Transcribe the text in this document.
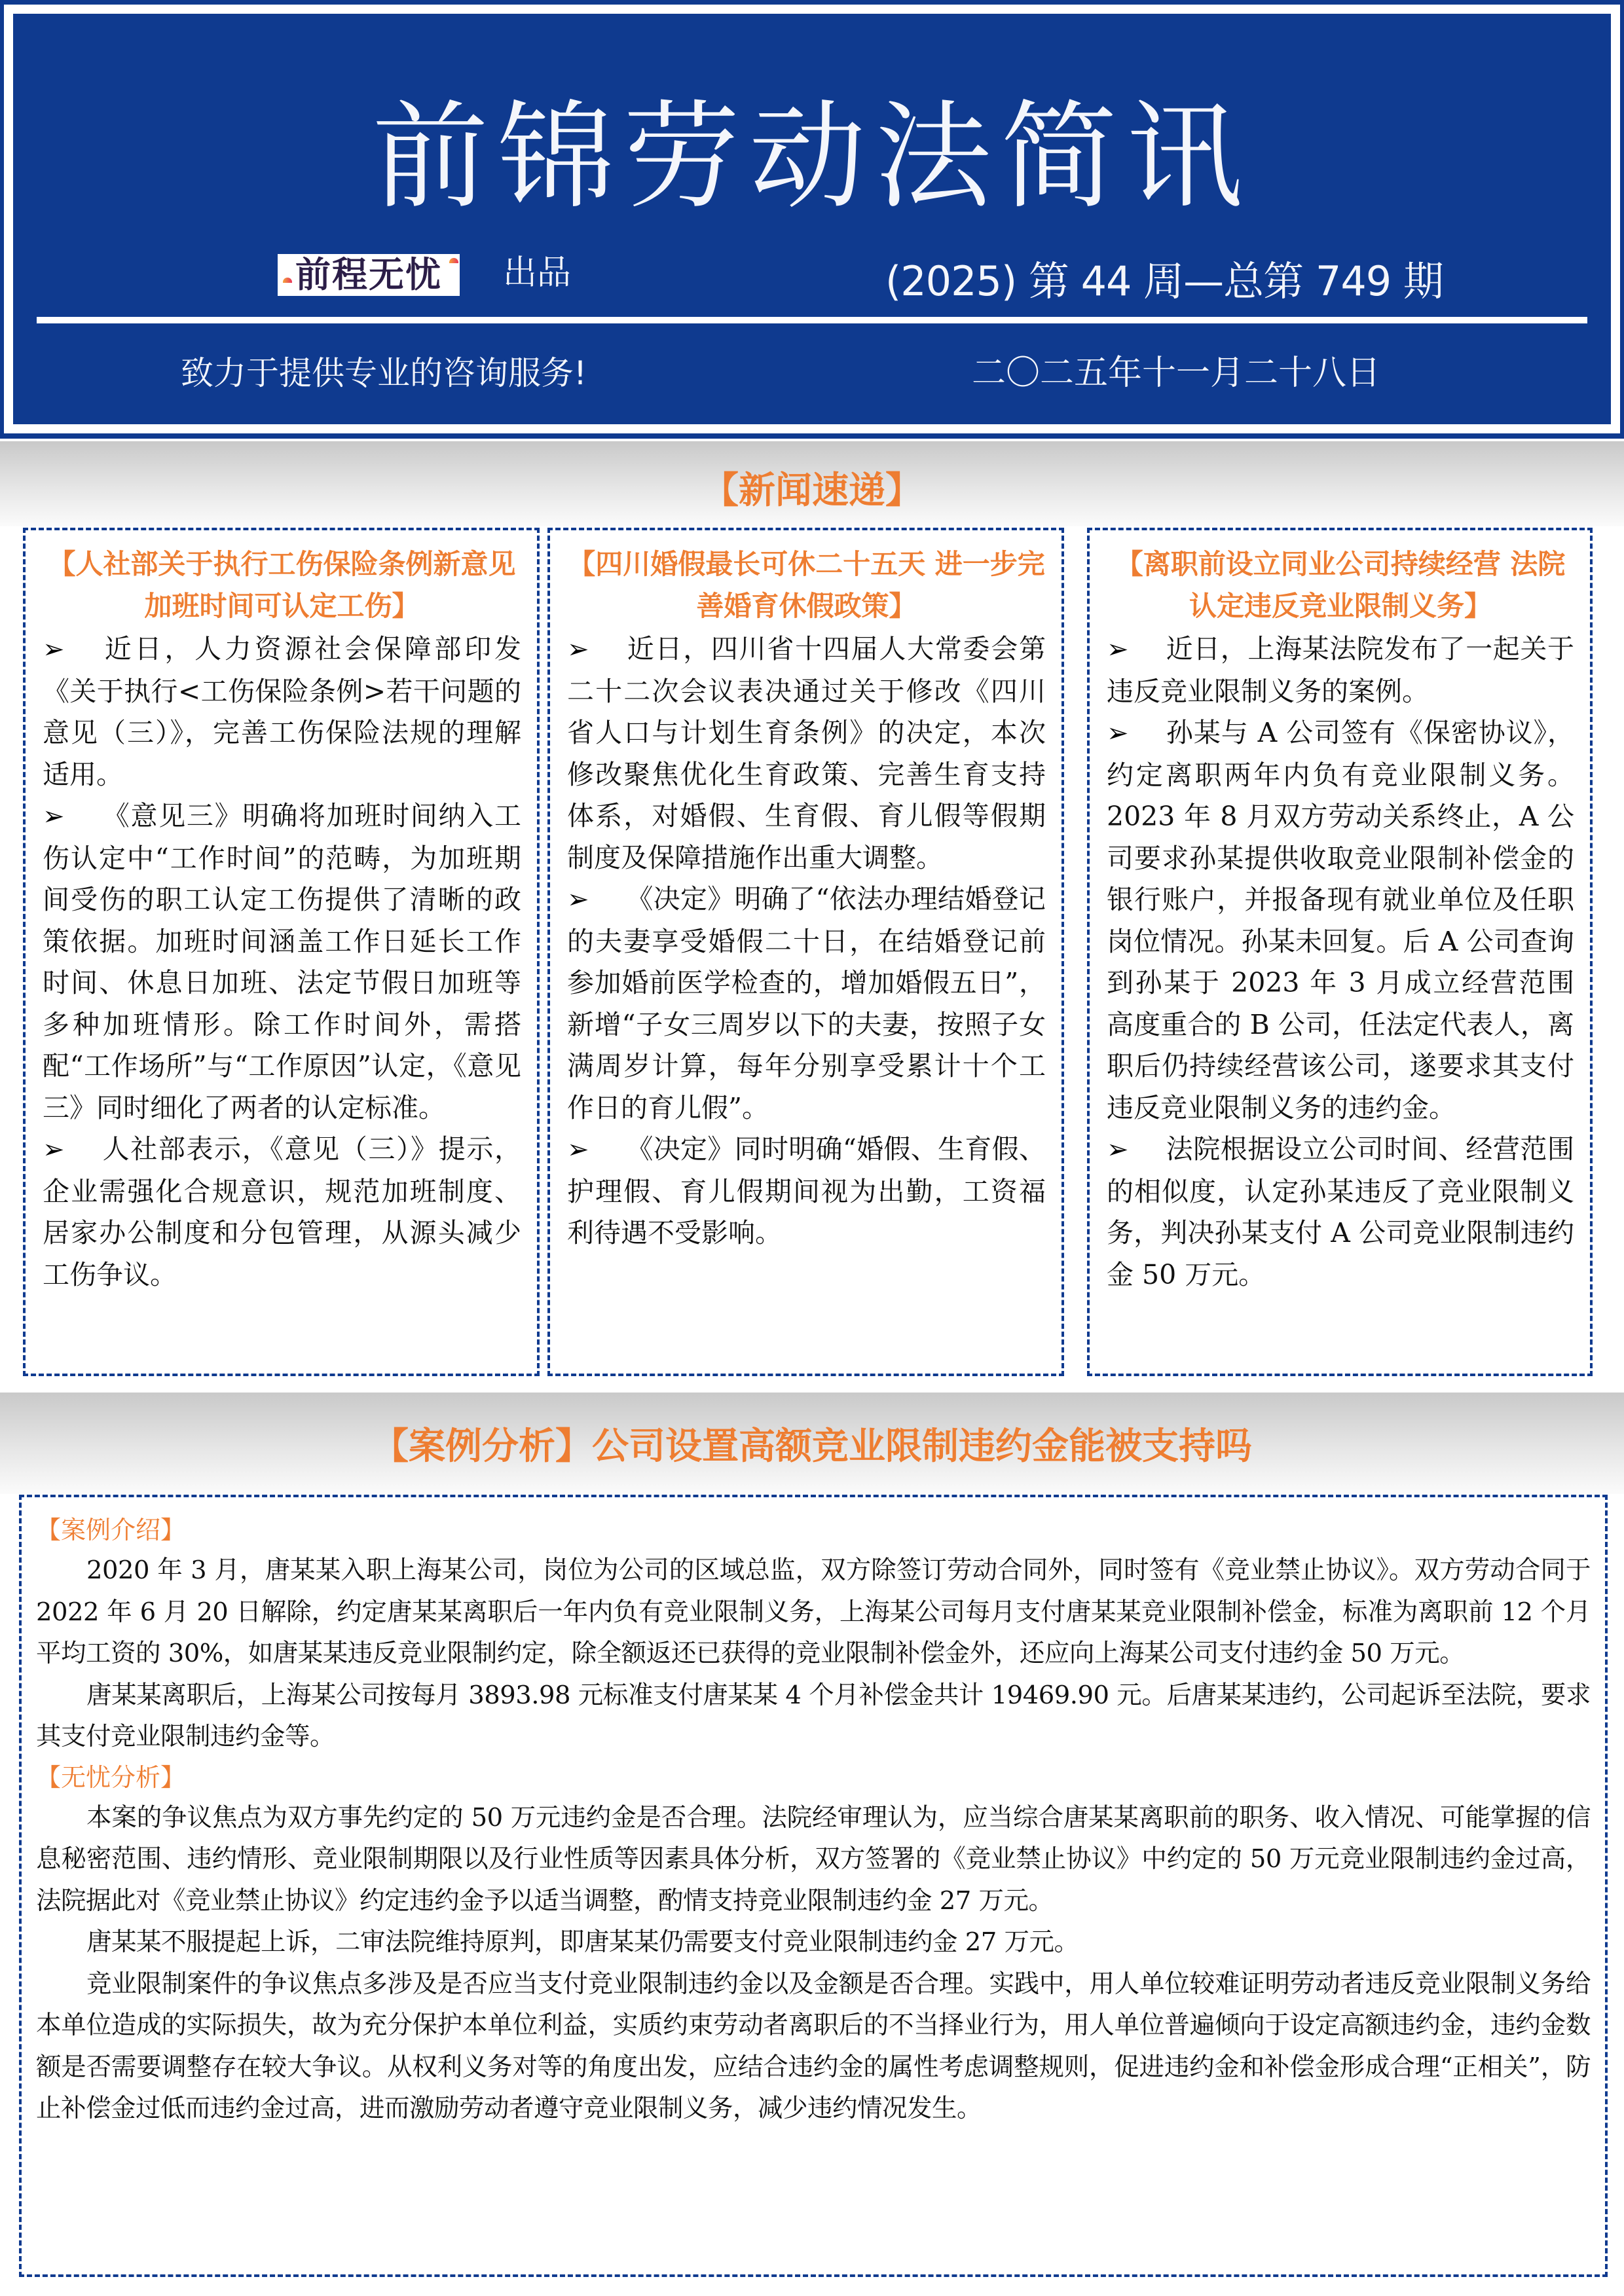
前锦劳动法简讯
前程无忧 出品	(2025) 第 44 周—总第 749 期
致力于提供专业的咨询服务!	二〇二五年十一月二十八日
【新闻速递】

【人社部关于执行工伤保险条例新意见 加班时间可认定工伤】

➢ 近日，人力资源社会保障部印发《关于执行<工伤保险条例>若干问题的意见（三）》，完善工伤保险法规的理解适用。

➢ 《意见三》明确将加班时间纳入工伤认定中“工作时间”的范畴，为加班期间受伤的职工认定工伤提供了清晰的政策依据。加班时间涵盖工作日延长工作时间、休息日加班、法定节假日加班等多种加班情形。除工作时间外，需搭配“工作场所”与“工作原因”认定，《意见三》同时细化了两者的认定标准。

➢ 人社部表示，《意见（三）》提示，企业需强化合规意识，规范加班制度、居家办公制度和分包管理，从源头减少工伤争议。

【四川婚假最长可休二十五天 进一步完善婚育休假政策】

➢ 近日，四川省十四届人大常委会第二十二次会议表决通过关于修改《四川省人口与计划生育条例》的决定，本次修改聚焦优化生育政策、完善生育支持体系，对婚假、生育假、育儿假等假期制度及保障措施作出重大调整。

➢ 《决定》明确了“依法办理结婚登记的夫妻享受婚假二十日，在结婚登记前参加婚前医学检查的，增加婚假五日”，新增“子女三周岁以下的夫妻，按照子女满周岁计算，每年分别享受累计十个工作日的育儿假”。

➢ 《决定》同时明确“婚假、生育假、护理假、育儿假期间视为出勤，工资福利待遇不受影响。

【离职前设立同业公司持续经营 法院认定违反竞业限制义务】

➢ 近日，上海某法院发布了一起关于违反竞业限制义务的案例。

➢ 孙某与 A 公司签有《保密协议》，约定离职两年内负有竞业限制义务。2023 年 8 月双方劳动关系终止，A 公司要求孙某提供收取竞业限制补偿金的银行账户，并报备现有就业单位及任职岗位情况。孙某未回复。后 A 公司查询到孙某于 2023 年 3 月成立经营范围高度重合的 B 公司，任法定代表人，离职后仍持续经营该公司，遂要求其支付违反竞业限制义务的违约金。

➢ 法院根据设立公司时间、经营范围的相似度，认定孙某违反了竞业限制义务，判决孙某支付 A 公司竞业限制违约金 50 万元。

【案例分析】公司设置高额竞业限制违约金能被支持吗

【案例介绍】

2020 年 3 月，唐某某入职上海某公司，岗位为公司的区域总监，双方除签订劳动合同外，同时签有《竞业禁止协议》。双方劳动合同于 2022 年 6 月 20 日解除，约定唐某某离职后一年内负有竞业限制义务，上海某公司每月支付唐某某竞业限制补偿金，标准为离职前 12 个月平均工资的 30%，如唐某某违反竞业限制约定，除全额返还已获得的竞业限制补偿金外，还应向上海某公司支付违约金 50 万元。

唐某某离职后，上海某公司按每月 3893.98 元标准支付唐某某 4 个月补偿金共计 19469.90 元。后唐某某违约，公司起诉至法院，要求其支付竞业限制违约金等。

【无忧分析】

本案的争议焦点为双方事先约定的 50 万元违约金是否合理。法院经审理认为，应当综合唐某某离职前的职务、收入情况、可能掌握的信息秘密范围、违约情形、竞业限制期限以及行业性质等因素具体分析，双方签署的《竞业禁止协议》中约定的 50 万元竞业限制违约金过高，法院据此对《竞业禁止协议》约定违约金予以适当调整，酌情支持竞业限制违约金 27 万元。

唐某某不服提起上诉，二审法院维持原判，即唐某某仍需要支付竞业限制违约金 27 万元。

竞业限制案件的争议焦点多涉及是否应当支付竞业限制违约金以及金额是否合理。实践中，用人单位较难证明劳动者违反竞业限制义务给本单位造成的实际损失，故为充分保护本单位利益，实质约束劳动者离职后的不当择业行为，用人单位普遍倾向于设定高额违约金，违约金数额是否需要调整存在较大争议。从权利义务对等的角度出发，应结合违约金的属性考虑调整规则，促进违约金和补偿金形成合理“正相关”，防止补偿金过低而违约金过高，进而激励劳动者遵守竞业限制义务，减少违约情况发生。
